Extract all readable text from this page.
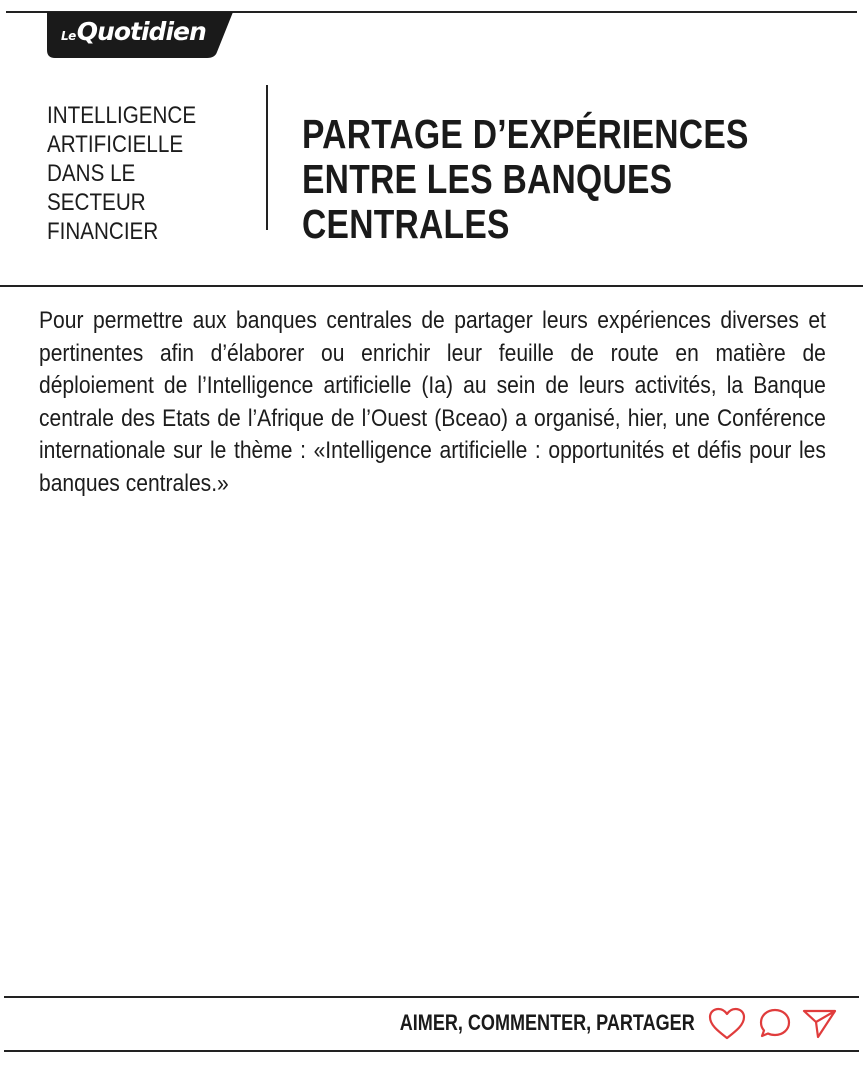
LeQuotidien
INTELLIGENCE ARTIFICIELLE DANS LE SECTEUR FINANCIER
PARTAGE D’EXPÉRIENCES ENTRE LES BANQUES CENTRALES
Pour permettre aux banques centrales de partager leurs expériences diverses et pertinentes afin d’élaborer ou enrichir leur feuille de route en matière de déploiement de l’Intelligence artificielle (Ia) au sein de leurs activités, la Banque centrale des Etats de l’Afrique de l’Ouest (Bceao) a organisé, hier, une Conférence internationale sur le thème : «Intelligence artificielle : opportunités et défis pour les banques centrales.»
AIMER, COMMENTER, PARTAGER
